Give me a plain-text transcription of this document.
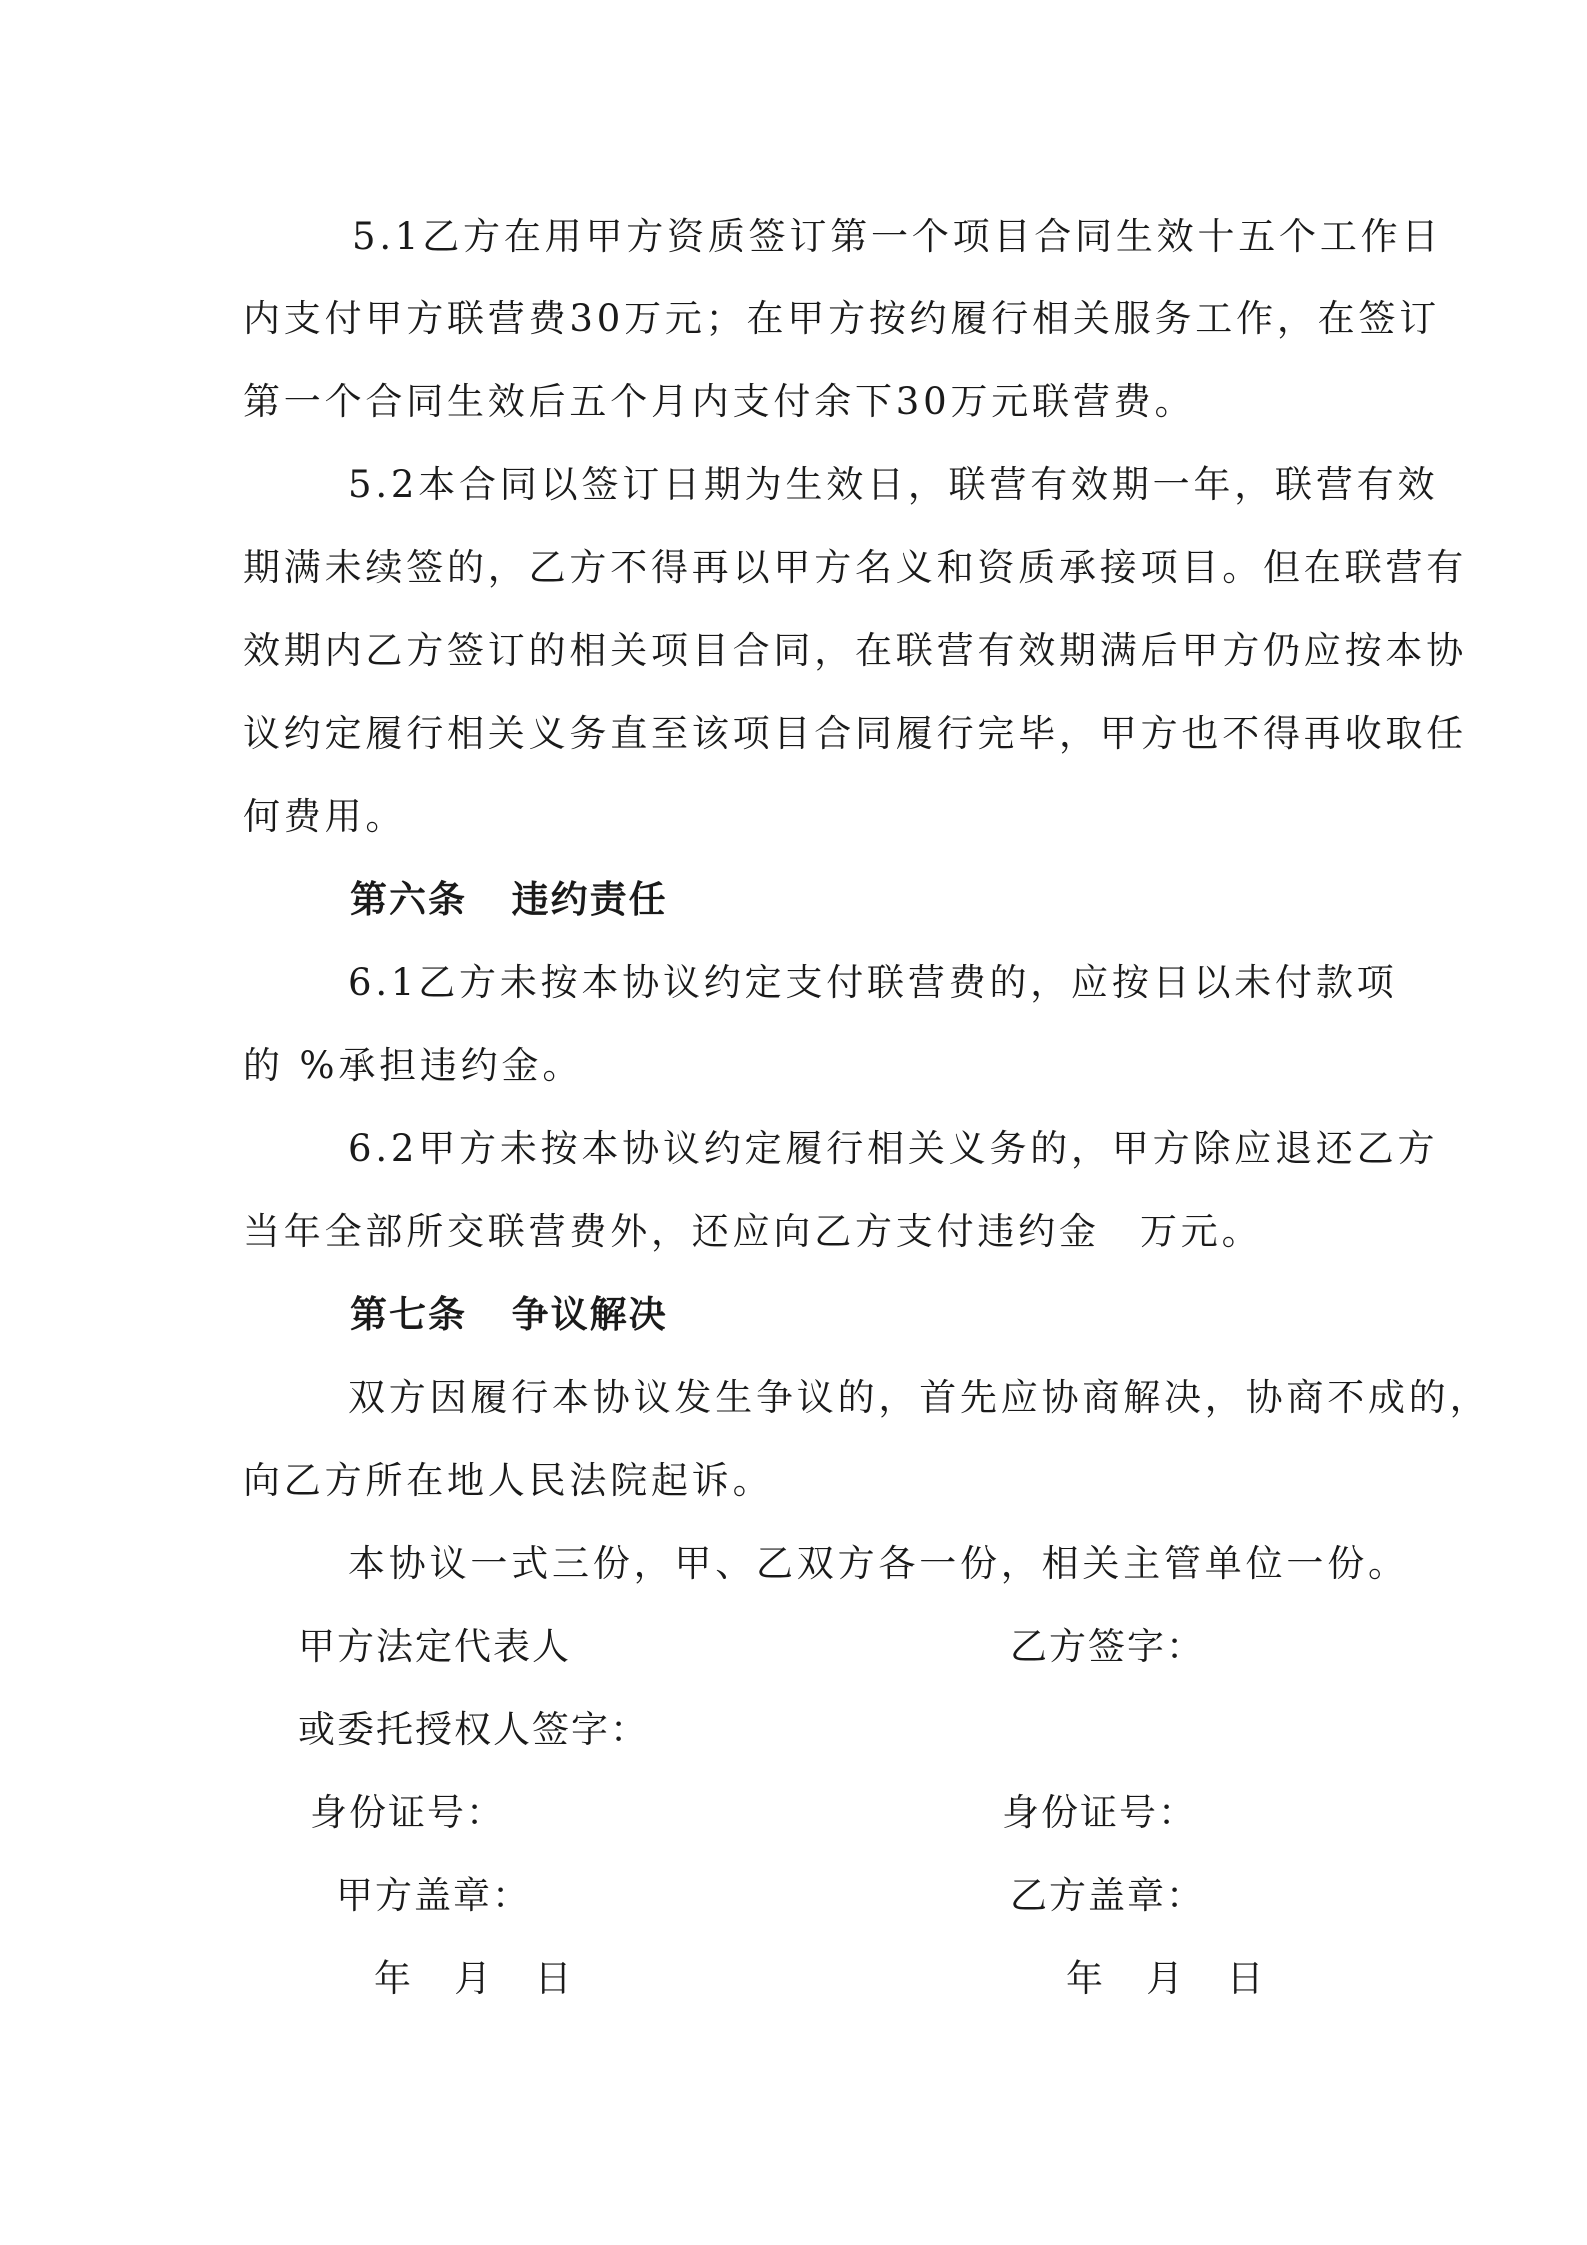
5.1乙方在用甲方资质签订第一个项目合同生效十五个工作日
内支付甲方联营费30万元；在甲方按约履行相关服务工作，在签订
第一个合同生效后五个月内支付余下30万元联营费。
5.2本合同以签订日期为生效日，联营有效期一年，联营有效
期满未续签的，乙方不得再以甲方名义和资质承接项目。但在联营有
效期内乙方签订的相关项目合同，在联营有效期满后甲方仍应按本协
议约定履行相关义务直至该项目合同履行完毕，甲方也不得再收取任
何费用。
第六条   违约责任
6.1乙方未按本协议约定支付联营费的，应按日以未付款项
的 %承担违约金。
6.2甲方未按本协议约定履行相关义务的，甲方除应退还乙方
当年全部所交联营费外，还应向乙方支付违约金 万元。
第七条   争议解决
双方因履行本协议发生争议的，首先应协商解决，协商不成的，
向乙方所在地人民法院起诉。
本协议一式三份，甲、乙双方各一份，相关主管单位一份。
甲方法定代表人
或委托授权人签字：
身份证号：
甲方盖章：
年   月   日
乙方签字：
身份证号：
乙方盖章：
年   月   日
